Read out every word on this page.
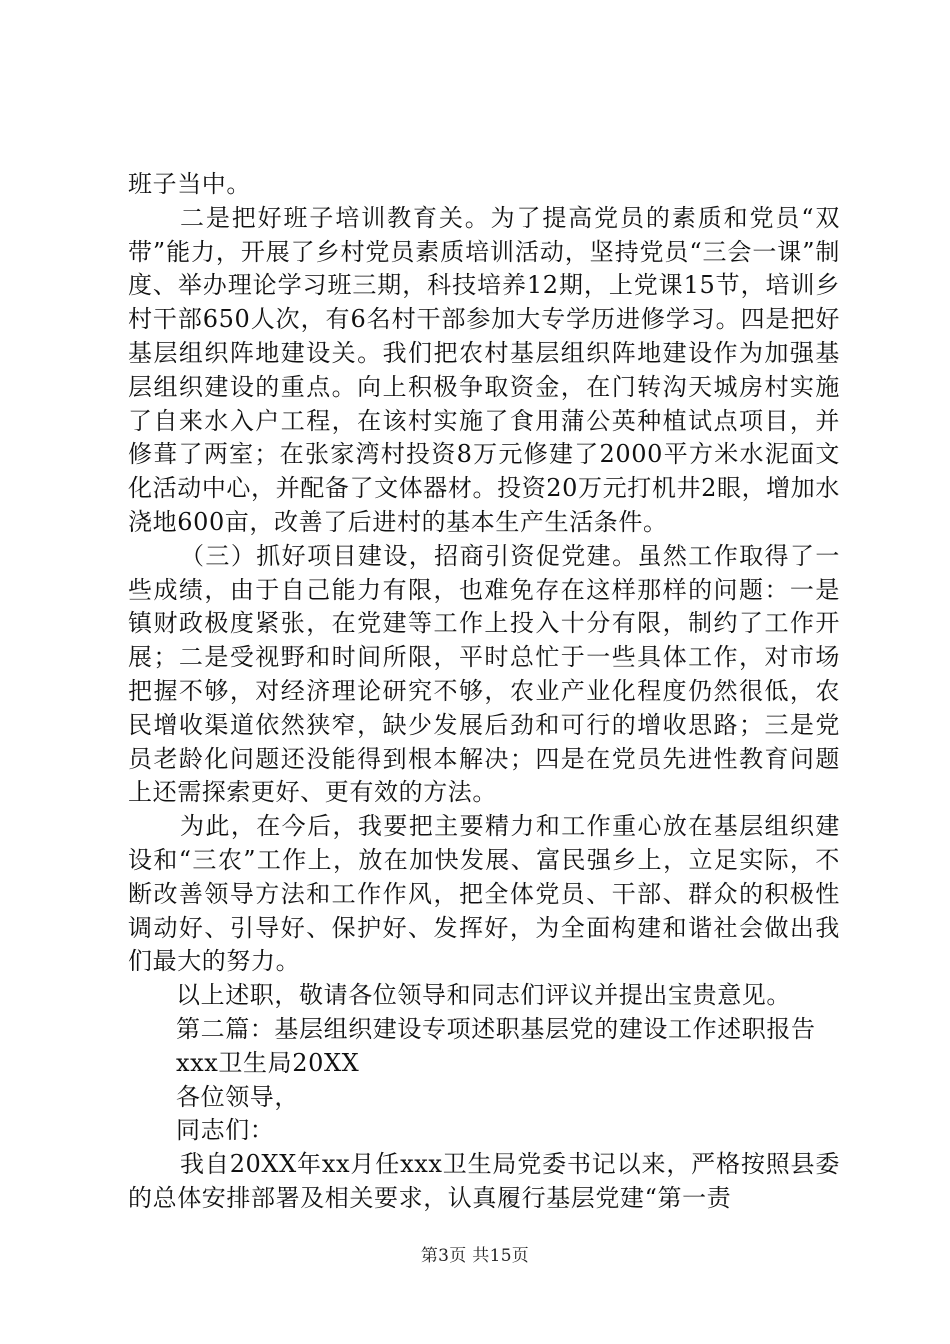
班子当中。

二是把好班子培训教育关。为了提高党员的素质和党员“双带”能力，开展了乡村党员素质培训活动，坚持党员“三会一课”制度、举办理论学习班三期，科技培养12期，上党课15节，培训乡村干部650人次，有6名村干部参加大专学历进修学习。四是把好基层组织阵地建设关。我们把农村基层组织阵地建设作为加强基层组织建设的重点。向上积极争取资金，在门转沟天城房村实施了自来水入户工程，在该村实施了食用蒲公英种植试点项目，并修葺了两室；在张家湾村投资8万元修建了2000平方米水泥面文化活动中心，并配备了文体器材。投资20万元打机井2眼，增加水浇地600亩，改善了后进村的基本生产生活条件。

（三）抓好项目建设，招商引资促党建。虽然工作取得了一些成绩，由于自己能力有限，也难免存在这样那样的问题：一是镇财政极度紧张，在党建等工作上投入十分有限，制约了工作开展；二是受视野和时间所限，平时总忙于一些具体工作，对市场把握不够，对经济理论研究不够，农业产业化程度仍然很低，农民增收渠道依然狭窄，缺少发展后劲和可行的增收思路；三是党员老龄化问题还没能得到根本解决；四是在党员先进性教育问题上还需探索更好、更有效的方法。

为此，在今后，我要把主要精力和工作重心放在基层组织建设和“三农”工作上，放在加快发展、富民强乡上，立足实际，不断改善领导方法和工作作风，把全体党员、干部、群众的积极性调动好、引导好、保护好、发挥好，为全面构建和谐社会做出我们最大的努力。

以上述职，敬请各位领导和同志们评议并提出宝贵意见。

第二篇：基层组织建设专项述职基层党的建设工作述职报告

xxx卫生局20XX

各位领导，

同志们：

我自20XX年xx月任xxx卫生局党委书记以来，严格按照县委的总体安排部署及相关要求，认真履行基层党建“第一责

第3页 共15页
